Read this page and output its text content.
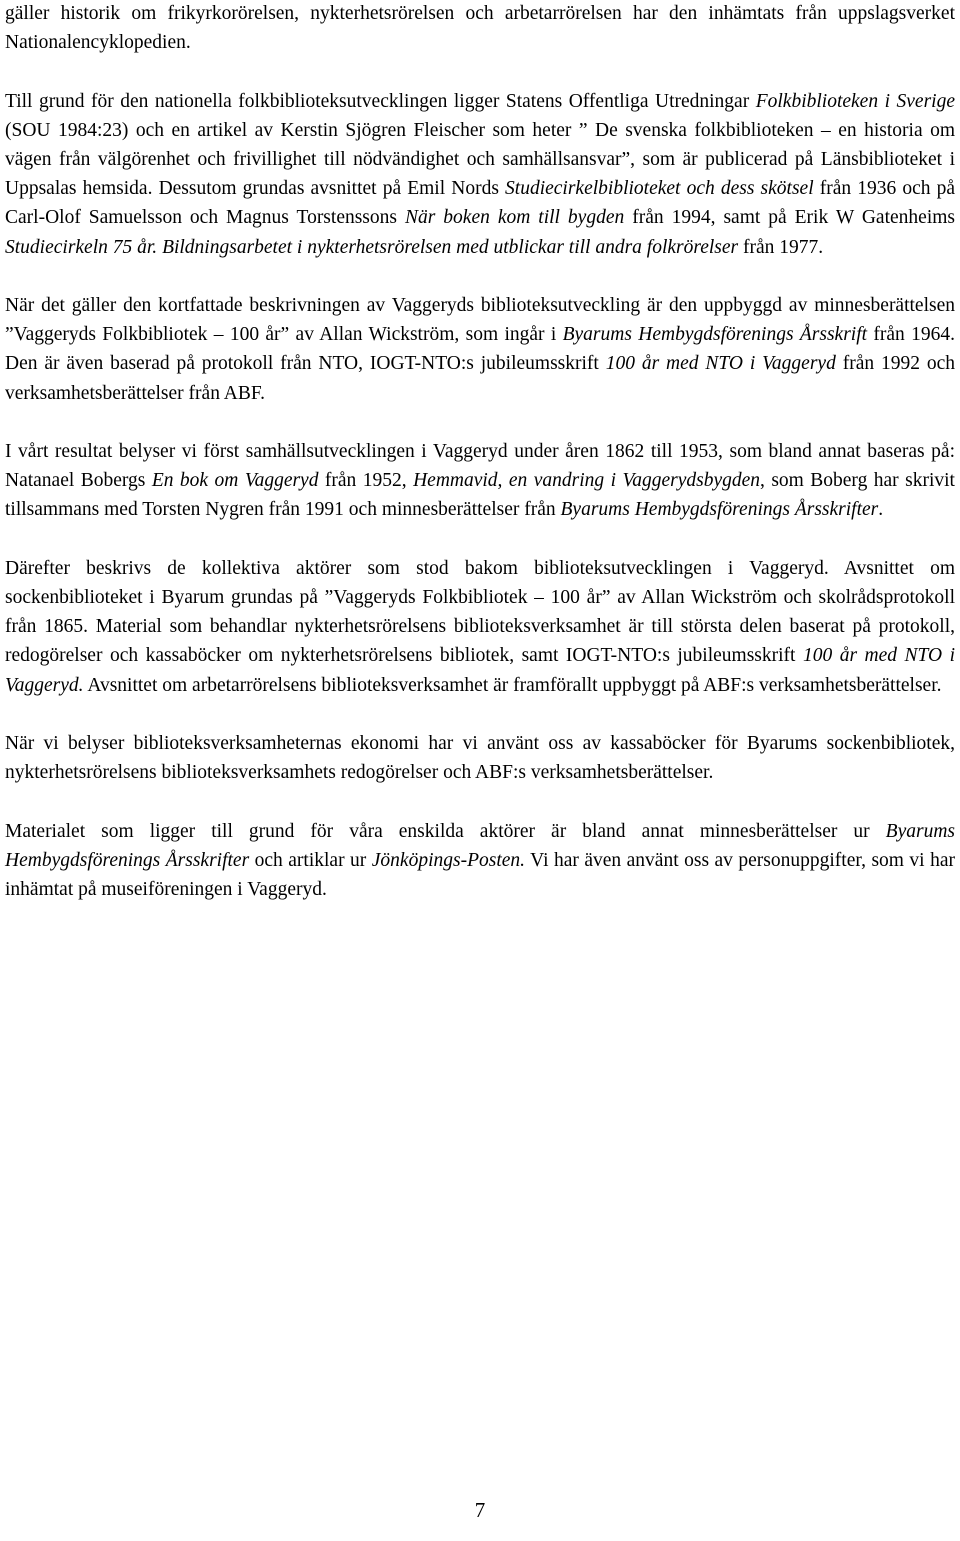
gäller historik om frikyrkorörelsen, nykterhetsrörelsen och arbetarrörelsen har den inhämtats från uppslagsverket Nationalencyklopedien.

Till grund för den nationella folkbiblioteksutvecklingen ligger Statens Offentliga Utredningar Folkbiblioteken i Sverige (SOU 1984:23) och en artikel av Kerstin Sjögren Fleischer som heter ” De svenska folkbiblioteken – en historia om vägen från välgörenhet och frivillighet till nödvändighet och samhällsansvar”, som är publicerad på Länsbiblioteket i Uppsalas hemsida. Dessutom grundas avsnittet på Emil Nords Studiecirkelbiblioteket och dess skötsel från 1936 och på Carl-Olof Samuelsson och Magnus Torstenssons När boken kom till bygden från 1994, samt på Erik W Gatenheims Studiecirkeln 75 år. Bildningsarbetet i nykterhetsrörelsen med utblickar till andra folkrörelser från 1977.

När det gäller den kortfattade beskrivningen av Vaggeryds biblioteksutveckling är den uppbyggd av minnesberättelsen ”Vaggeryds Folkbibliotek – 100 år” av Allan Wickström, som ingår i Byarums Hembygdsförenings Årsskrift från 1964. Den är även baserad på protokoll från NTO, IOGT-NTO:s jubileumsskrift 100 år med NTO i Vaggeryd från 1992 och verksamhetsberättelser från ABF.

I vårt resultat belyser vi först samhällsutvecklingen i Vaggeryd under åren 1862 till 1953, som bland annat baseras på: Natanael Bobergs En bok om Vaggeryd från 1952, Hemmavid, en vandring i Vaggerydsbygden, som Boberg har skrivit tillsammans med Torsten Nygren från 1991 och minnesberättelser från Byarums Hembygdsförenings Årsskrifter.

Därefter beskrivs de kollektiva aktörer som stod bakom biblioteksutvecklingen i Vaggeryd. Avsnittet om sockenbiblioteket i Byarum grundas på ”Vaggeryds Folkbibliotek – 100 år” av Allan Wickström och skolrådsprotokoll från 1865. Material som behandlar nykterhetsrörelsens biblioteksverksamhet är till största delen baserat på protokoll, redogörelser och kassaböcker om nykterhetsrörelsens bibliotek, samt IOGT-NTO:s jubileumsskrift 100 år med NTO i Vaggeryd. Avsnittet om arbetarrörelsens biblioteksverksamhet är framförallt uppbyggt på ABF:s verksamhetsberättelser.

När vi belyser biblioteksverksamheternas ekonomi har vi använt oss av kassaböcker för Byarums sockenbibliotek, nykterhetsrörelsens biblioteksverksamhets redogörelser och ABF:s verksamhetsberättelser.

Materialet som ligger till grund för våra enskilda aktörer är bland annat minnesberättelser ur Byarums Hembygdsförenings Årsskrifter och artiklar ur Jönköpings-Posten. Vi har även använt oss av personuppgifter, som vi har inhämtat på museiföreningen i Vaggeryd.

7
